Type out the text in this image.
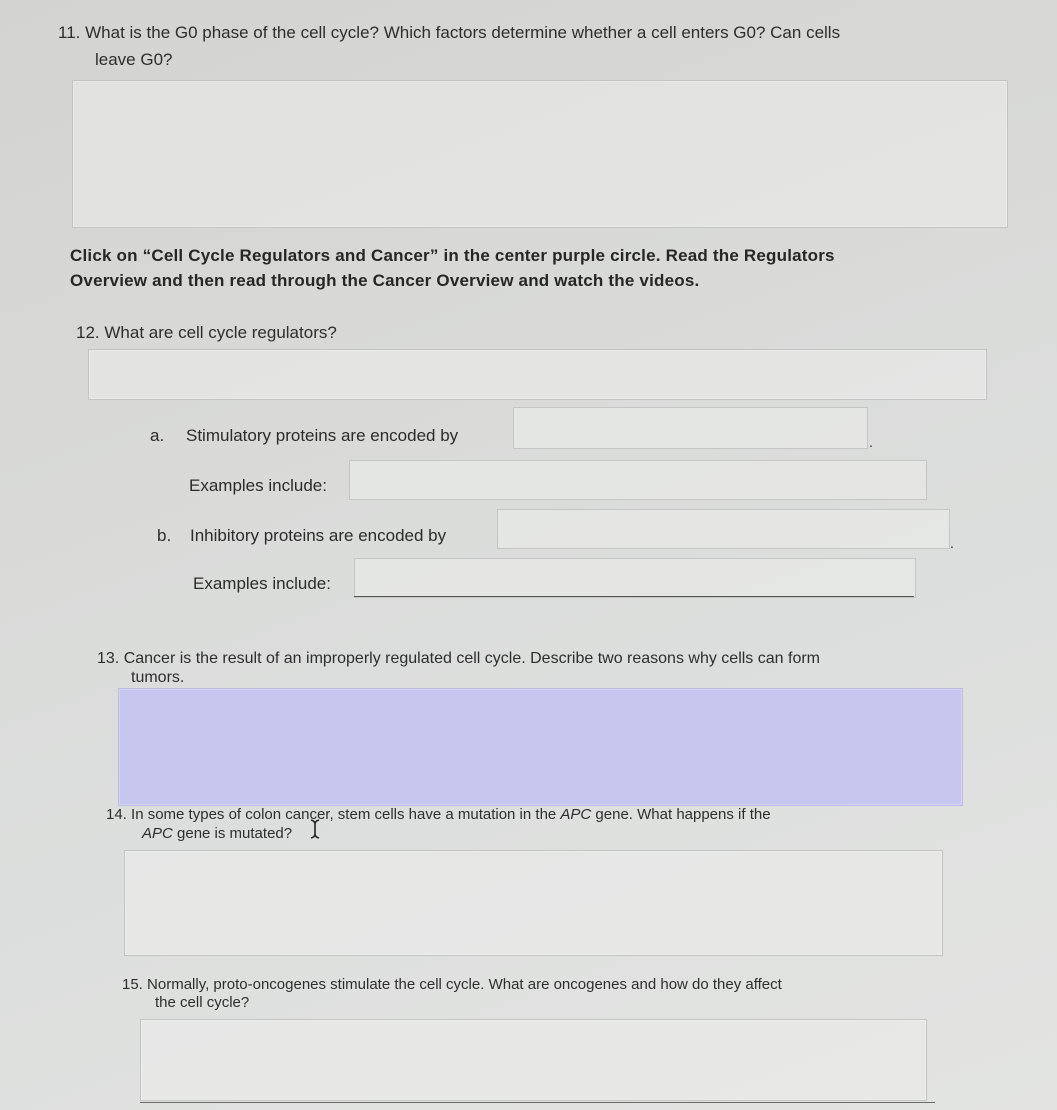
11. What is the G0 phase of the cell cycle? Which factors determine whether a cell enters G0? Can cells
leave G0?
Click on “Cell Cycle Regulators and Cancer” in the center purple circle. Read the Regulators
Overview and then read through the Cancer Overview and watch the videos.
12. What are cell cycle regulators?
a. Stimulatory proteins are encoded by	.
Examples include:
b. Inhibitory proteins are encoded by	.
Examples include:
13. Cancer is the result of an improperly regulated cell cycle. Describe two reasons why cells can form
tumors.
14. In some types of colon cancer, stem cells have a mutation in the APC gene. What happens if the
APC gene is mutated?
15. Normally, proto-oncogenes stimulate the cell cycle. What are oncogenes and how do they affect
the cell cycle?
